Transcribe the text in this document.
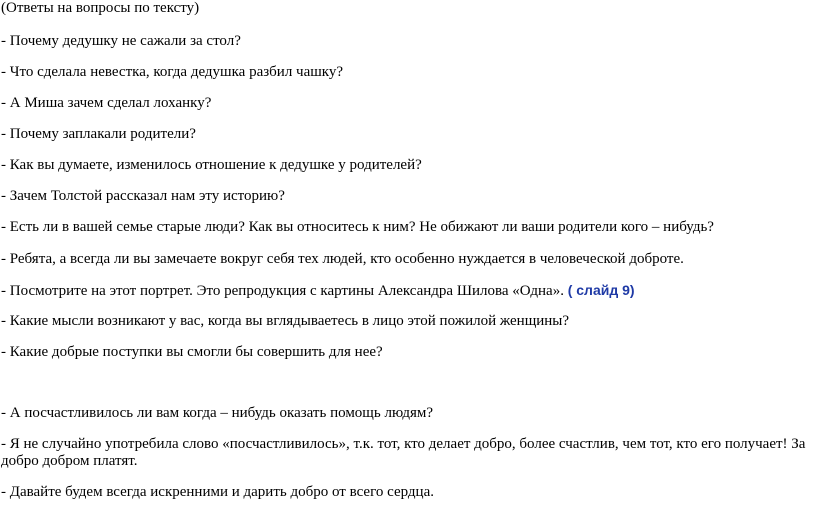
(Ответы на вопросы по тексту)
- Почему дедушку не сажали за стол?
- Что сделала невестка, когда дедушка разбил чашку?
- А Миша зачем сделал лоханку?
- Почему заплакали родители?
- Как вы думаете, изменилось отношение к дедушке у родителей?
- Зачем Толстой рассказал нам эту историю?
- Есть ли в вашей семье старые люди? Как вы относитесь к ним? Не обижают ли ваши родители кого – нибудь?
- Ребята, а всегда ли вы замечаете вокруг себя тех людей, кто особенно нуждается в человеческой доброте.
- Посмотрите на этот портрет. Это репродукция с картины Александра Шилова «Одна». ( слайд 9)
- Какие мысли возникают у вас, когда вы вглядываетесь в лицо этой пожилой женщины?
- Какие добрые поступки вы смогли бы совершить для нее?
- А посчастливилось ли вам когда – нибудь оказать помощь людям?
- Я не случайно употребила слово «посчастливилось», т.к. тот, кто делает добро, более счастлив, чем тот, кто его получает! За добро добром платят.
- Давайте будем всегда искренними и дарить добро от всего сердца.
